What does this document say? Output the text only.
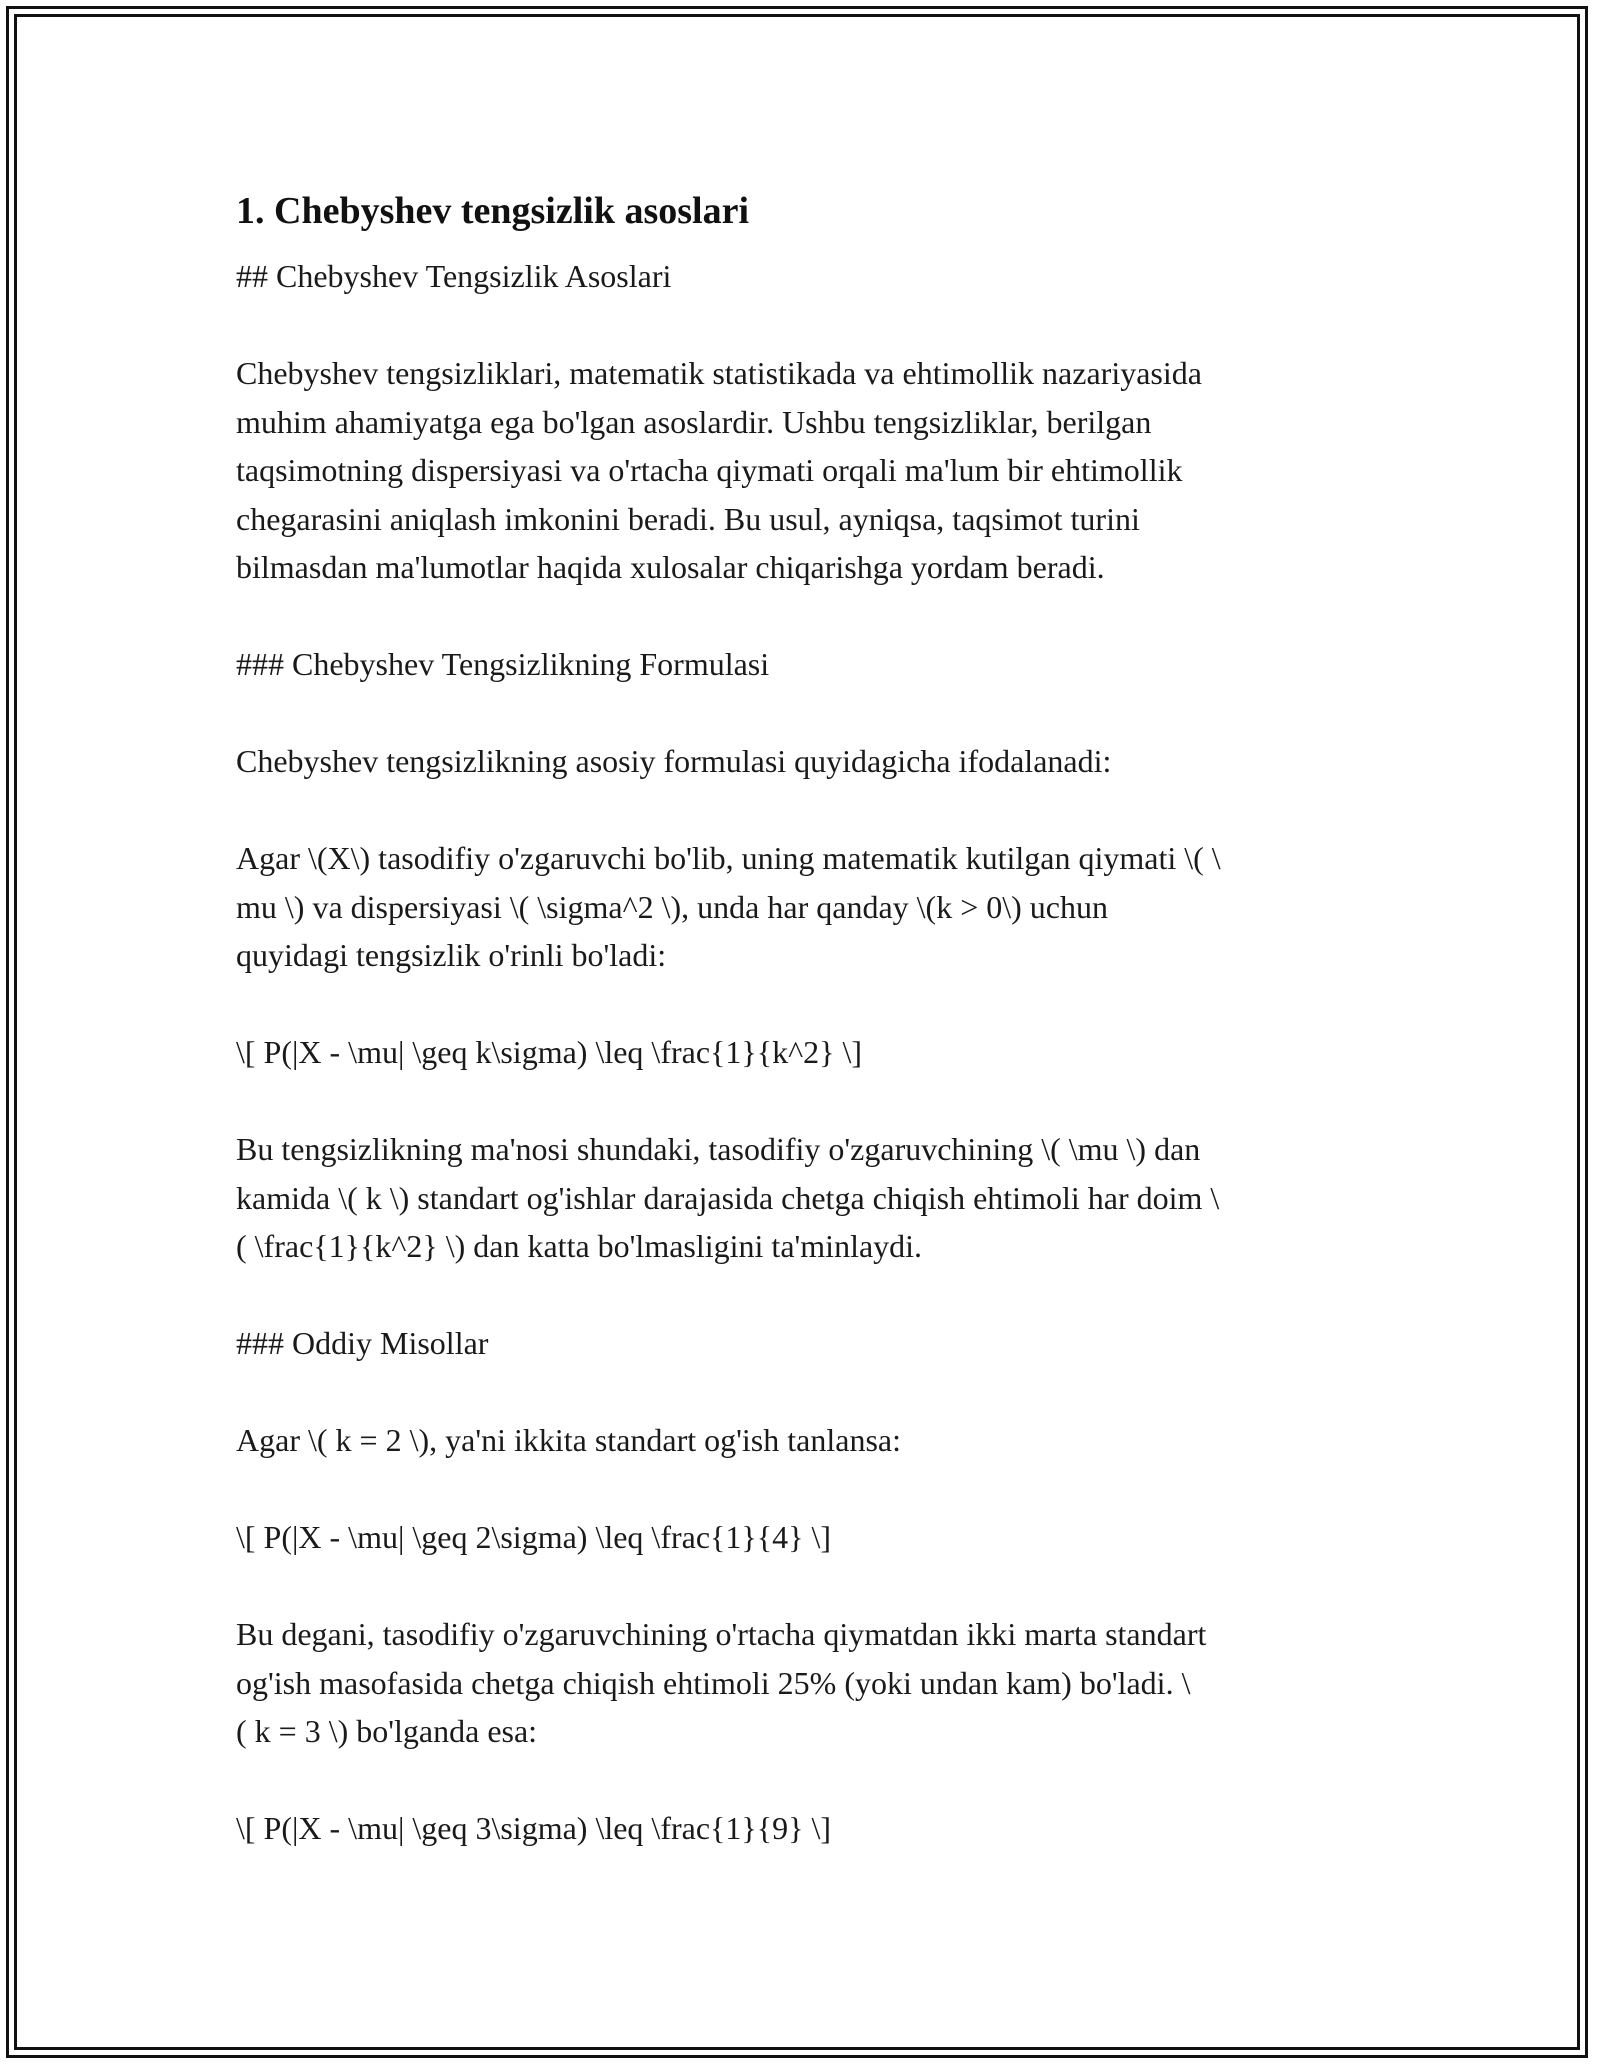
1. Chebyshev tengsizlik asoslari

## Chebyshev Tengsizlik Asoslari

Chebyshev tengsizliklari, matematik statistikada va ehtimollik nazariyasida
muhim ahamiyatga ega bo'lgan asoslardir. Ushbu tengsizliklar, berilgan
taqsimotning dispersiyasi va o'rtacha qiymati orqali ma'lum bir ehtimollik
chegarasini aniqlash imkonini beradi. Bu usul, ayniqsa, taqsimot turini
bilmasdan ma'lumotlar haqida xulosalar chiqarishga yordam beradi.

### Chebyshev Tengsizlikning Formulasi

Chebyshev tengsizlikning asosiy formulasi quyidagicha ifodalanadi:

Agar \(X\) tasodifiy o'zgaruvchi bo'lib, uning matematik kutilgan qiymati \( \
mu \) va dispersiyasi \( \sigma^2 \), unda har qanday \(k > 0\) uchun
quyidagi tengsizlik o'rinli bo'ladi:

\[ P(|X - \mu| \geq k\sigma) \leq \frac{1}{k^2} \]

Bu tengsizlikning ma'nosi shundaki, tasodifiy o'zgaruvchining \( \mu \) dan
kamida \( k \) standart og'ishlar darajasida chetga chiqish ehtimoli har doim \
( \frac{1}{k^2} \) dan katta bo'lmasligini ta'minlaydi.

### Oddiy Misollar

Agar \( k = 2 \), ya'ni ikkita standart og'ish tanlansa:

\[ P(|X - \mu| \geq 2\sigma) \leq \frac{1}{4} \]

Bu degani, tasodifiy o'zgaruvchining o'rtacha qiymatdan ikki marta standart
og'ish masofasida chetga chiqish ehtimoli 25% (yoki undan kam) bo'ladi. \
( k = 3 \) bo'lganda esa:

\[ P(|X - \mu| \geq 3\sigma) \leq \frac{1}{9} \]
